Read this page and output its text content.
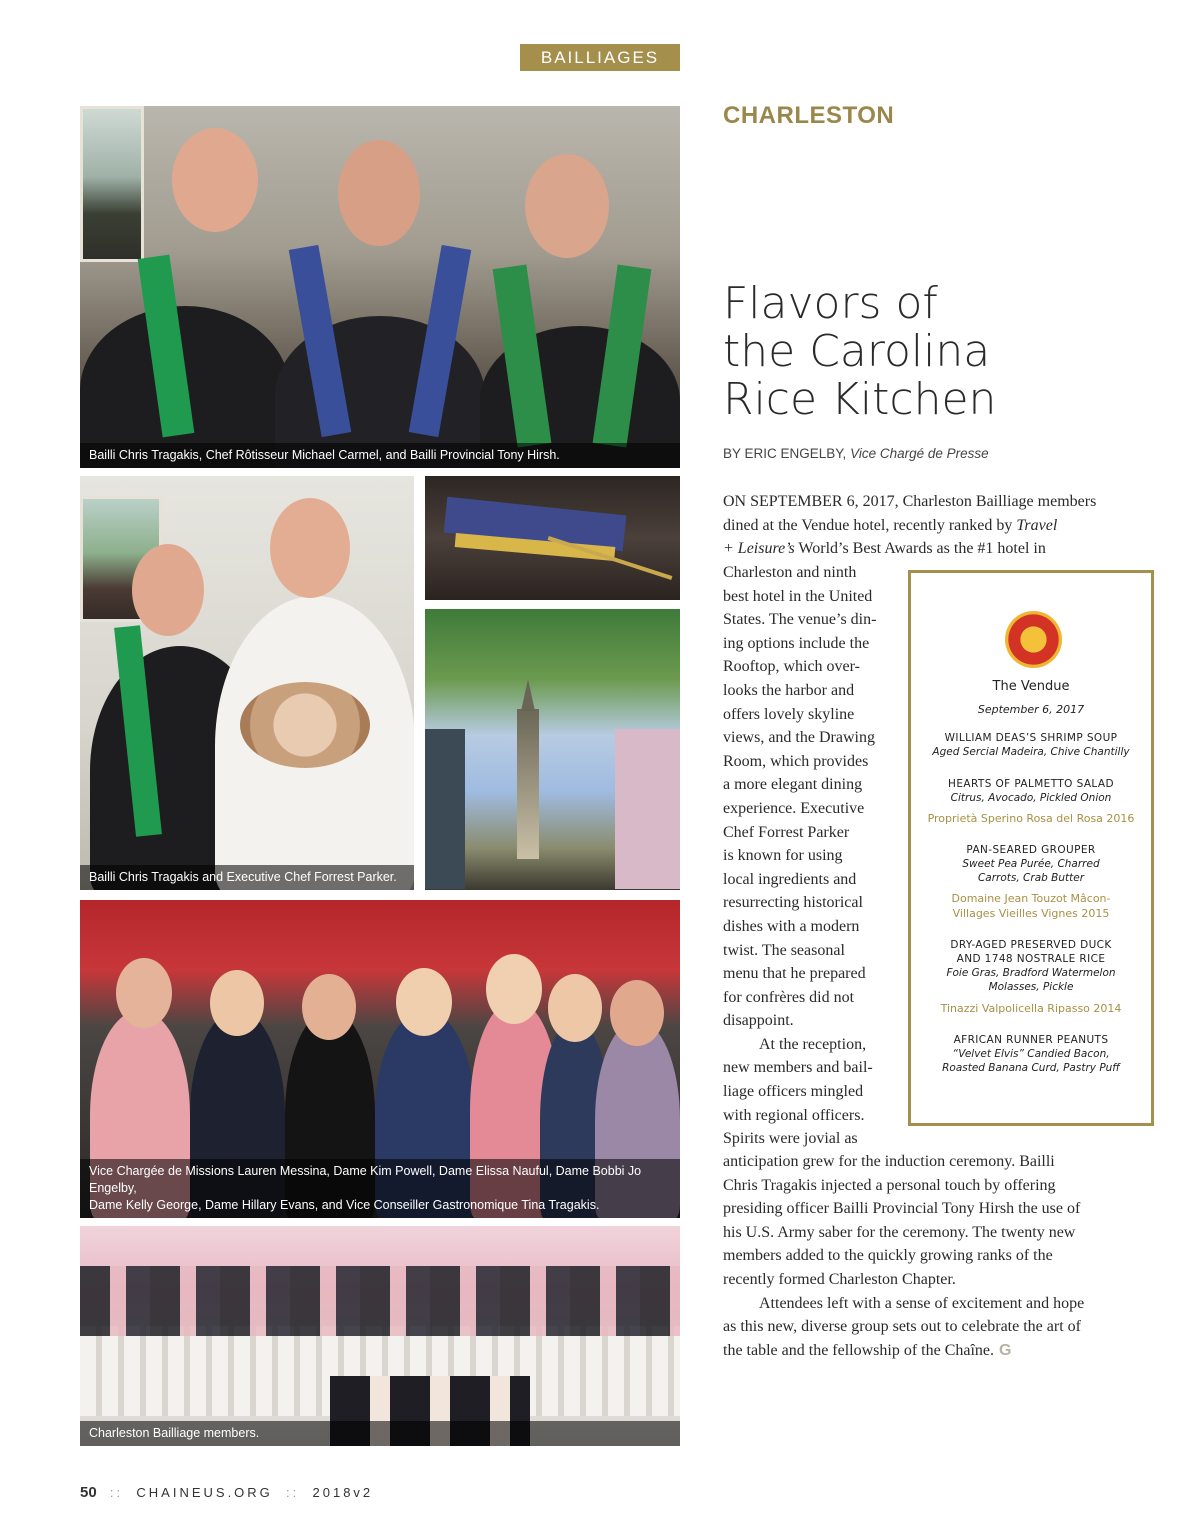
BAILLIAGES
Bailli Chris Tragakis, Chef Rôtisseur Michael Carmel, and Bailli Provincial Tony Hirsh.
Bailli Chris Tragakis and Executive Chef Forrest Parker.
Vice Chargée de Missions Lauren Messina, Dame Kim Powell, Dame Elissa Nauful, Dame Bobbi Jo Engelby,
Dame Kelly George, Dame Hillary Evans, and Vice Conseiller Gastronomique Tina Tragakis.
Charleston Bailliage members.
CHARLESTON
Flavors of
the Carolina
Rice Kitchen
BY ERIC ENGELBY, Vice Chargé de Presse
ON SEPTEMBER 6, 2017, Charleston Bailliage members
dined at the Vendue hotel, recently ranked by Travel
+ Leisure’s World’s Best Awards as the #1 hotel in
Charleston and ninth
best hotel in the United
States. The venue’s din-
ing options include the
Rooftop, which over-
looks the harbor and
offers lovely skyline
views, and the Drawing
Room, which provides
a more elegant dining
experience. Executive
Chef Forrest Parker
is known for using
local ingredients and
resurrecting historical
dishes with a modern
twist. The seasonal
menu that he prepared
for confrères did not
disappoint.
At the reception,
new members and bail-
liage officers mingled
with regional officers.
Spirits were jovial as
anticipation grew for the induction ceremony. Bailli
Chris Tragakis injected a personal touch by offering
presiding officer Bailli Provincial Tony Hirsh the use of
his U.S. Army saber for the ceremony. The twenty new
members added to the quickly growing ranks of the
recently formed Charleston Chapter.
Attendees left with a sense of excitement and hope
as this new, diverse group sets out to celebrate the art of
the table and the fellowship of the Chaîne. G
The Vendue
September 6, 2017
WILLIAM DEAS’S SHRIMP SOUP
Aged Sercial Madeira, Chive Chantilly
HEARTS OF PALMETTO SALAD
Citrus, Avocado, Pickled Onion
Proprietà Sperino Rosa del Rosa 2016
PAN-SEARED GROUPER
Sweet Pea Purée, Charred
Carrots, Crab Butter
Domaine Jean Touzot Mâcon-
Villages Vieilles Vignes 2015
DRY-AGED PRESERVED DUCK
AND 1748 NOSTRALE RICE
Foie Gras, Bradford Watermelon
Molasses, Pickle
Tinazzi Valpolicella Ripasso 2014
AFRICAN RUNNER PEANUTS
“Velvet Elvis” Candied Bacon,
Roasted Banana Curd, Pastry Puff
50 :: CHAINEUS.ORG :: 2018v2
